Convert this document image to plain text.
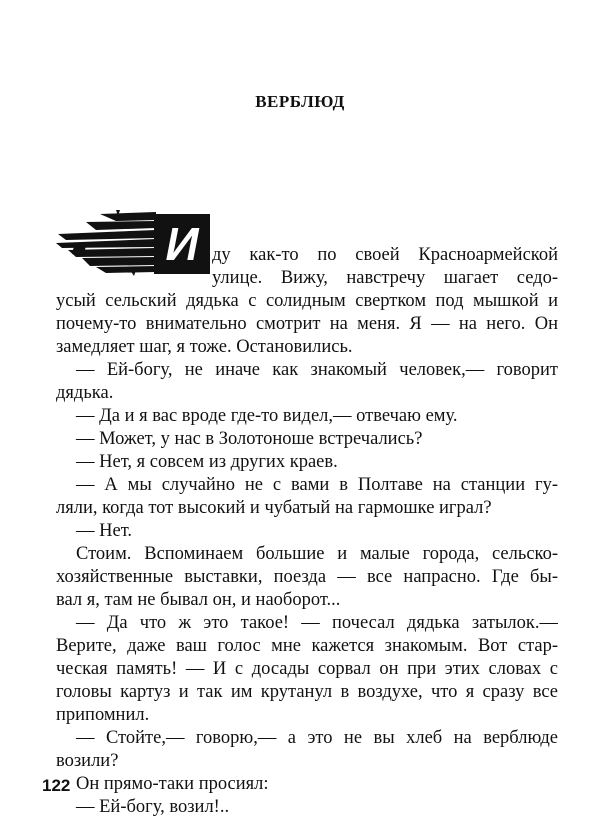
ВЕРБЛЮД
И ду как-то по своей Красноармейской
улице. Вижу, навстречу шагает седо-
усый сельский дядька с солидным свертком под мышкой и
почему-то внимательно смотрит на меня. Я — на него. Он
замедляет шаг, я тоже. Остановились.
— Ей-богу, не иначе как знакомый человек,— говорит
дядька.
— Да и я вас вроде где-то видел,— отвечаю ему.
— Может, у нас в Золотоноше встречались?
— Нет, я совсем из других краев.
— А мы случайно не с вами в Полтаве на станции гу-
ляли, когда тот высокий и чубатый на гармошке играл?
— Нет.
Стоим. Вспоминаем большие и малые города, сельско-
хозяйственные выставки, поезда — все напрасно. Где бы-
вал я, там не бывал он, и наоборот...
— Да что ж это такое! — почесал дядька затылок.—
Верите, даже ваш голос мне кажется знакомым. Вот стар-
ческая память! — И с досады сорвал он при этих словах с
головы картуз и так им крутанул в воздухе, что я сразу все
припомнил.
— Стойте,— говорю,— а это не вы хлеб на верблюде
возили?
Он прямо-таки просиял:
— Ей-богу, возил!..
122
